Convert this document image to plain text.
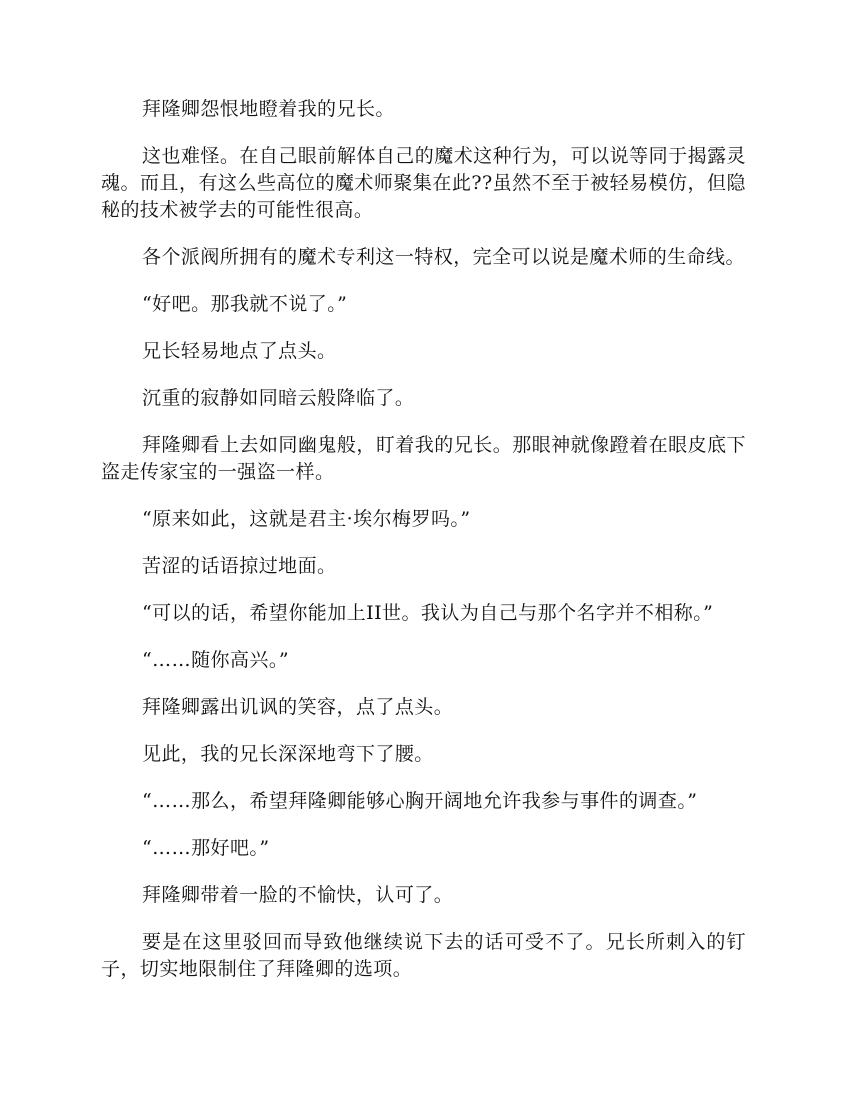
拜隆卿怨恨地瞪着我的兄长。

这也难怪。在自己眼前解体自己的魔术这种行为，可以说等同于揭露灵魂。而且，有这么些高位的魔术师聚集在此??虽然不至于被轻易模仿，但隐秘的技术被学去的可能性很高。

各个派阀所拥有的魔术专利这一特权，完全可以说是魔术师的生命线。

“好吧。那我就不说了。”

兄长轻易地点了点头。

沉重的寂静如同暗云般降临了。

拜隆卿看上去如同幽鬼般，盯着我的兄长。那眼神就像蹬着在眼皮底下盗走传家宝的一强盗一样。

“原来如此，这就是君主·埃尔梅罗吗。”

苦涩的话语掠过地面。

“可以的话，希望你能加上II世。我认为自己与那个名字并不相称。”

“……随你高兴。”

拜隆卿露出讥讽的笑容，点了点头。

见此，我的兄长深深地弯下了腰。

“……那么，希望拜隆卿能够心胸开阔地允许我参与事件的调查。”

“……那好吧。”

拜隆卿带着一脸的不愉快，认可了。

要是在这里驳回而导致他继续说下去的话可受不了。兄长所刺入的钉子，切实地限制住了拜隆卿的选项。
